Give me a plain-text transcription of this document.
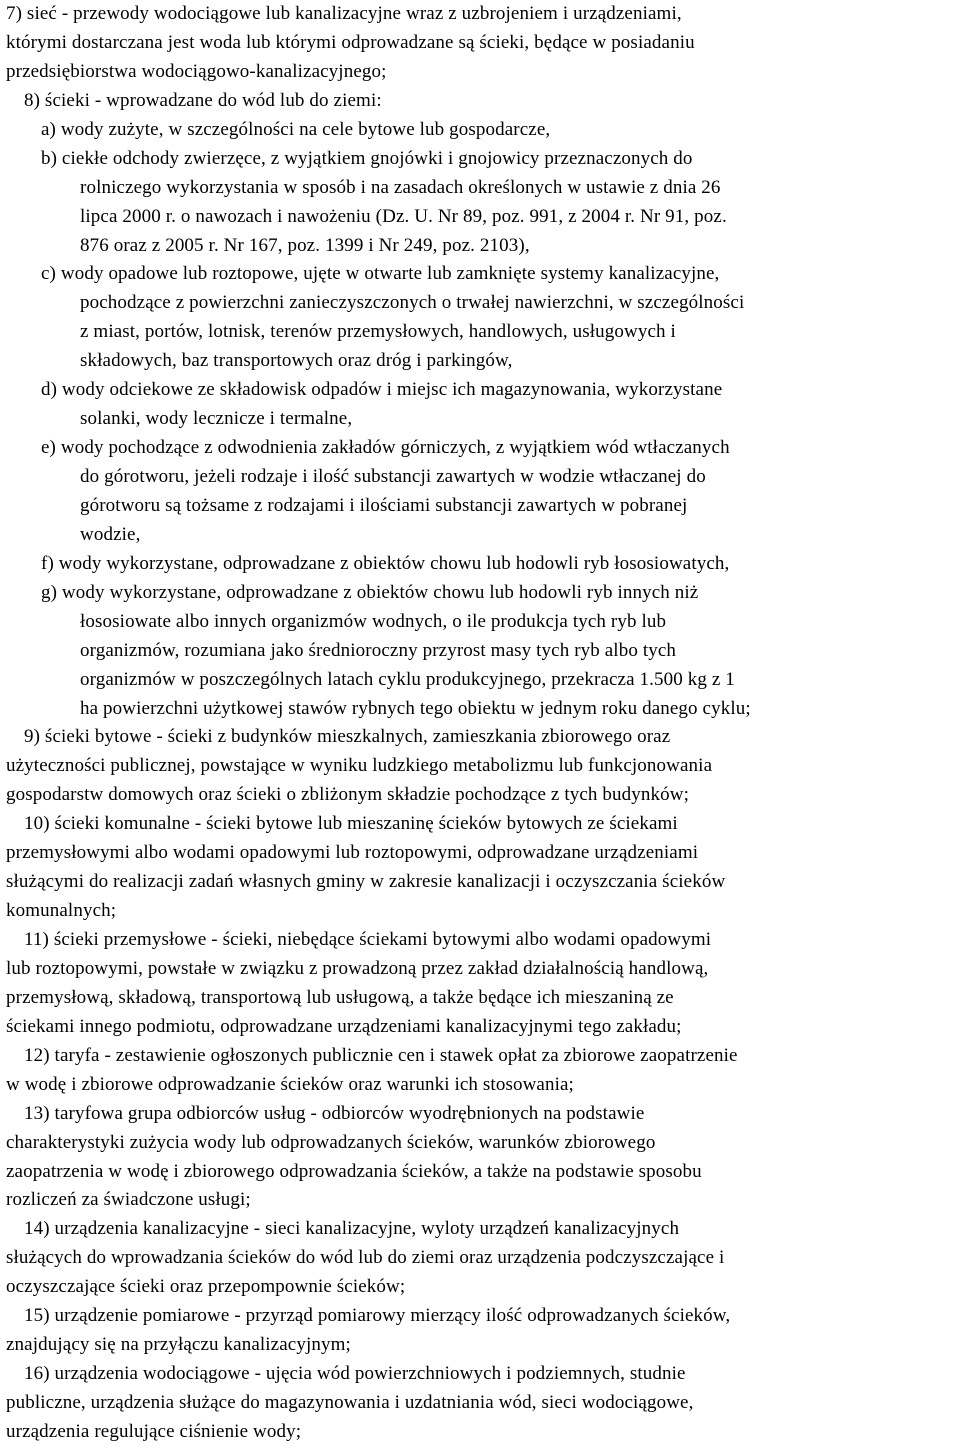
7) sieć - przewody wodociągowe lub kanalizacyjne wraz z uzbrojeniem i urządzeniami,
którymi dostarczana jest woda lub którymi odprowadzane są ścieki, będące w posiadaniu
przedsiębiorstwa wodociągowo-kanalizacyjnego;
8) ścieki - wprowadzane do wód lub do ziemi:
a) wody zużyte, w szczególności na cele bytowe lub gospodarcze,
b) ciekłe odchody zwierzęce, z wyjątkiem gnojówki i gnojowicy przeznaczonych do
rolniczego wykorzystania w sposób i na zasadach określonych w ustawie z dnia 26
lipca 2000 r. o nawozach i nawożeniu (Dz. U. Nr 89, poz. 991, z 2004 r. Nr 91, poz.
876 oraz z 2005 r. Nr 167, poz. 1399 i Nr 249, poz. 2103),
c) wody opadowe lub roztopowe, ujęte w otwarte lub zamknięte systemy kanalizacyjne,
pochodzące z powierzchni zanieczyszczonych o trwałej nawierzchni, w szczególności
z miast, portów, lotnisk, terenów przemysłowych, handlowych, usługowych i
składowych, baz transportowych oraz dróg i parkingów,
d) wody odciekowe ze składowisk odpadów i miejsc ich magazynowania, wykorzystane
solanki, wody lecznicze i termalne,
e) wody pochodzące z odwodnienia zakładów górniczych, z wyjątkiem wód wtłaczanych
do górotworu, jeżeli rodzaje i ilość substancji zawartych w wodzie wtłaczanej do
górotworu są tożsame z rodzajami i ilościami substancji zawartych w pobranej
wodzie,
f) wody wykorzystane, odprowadzane z obiektów chowu lub hodowli ryb łososiowatych,
g) wody wykorzystane, odprowadzane z obiektów chowu lub hodowli ryb innych niż
łososiowate albo innych organizmów wodnych, o ile produkcja tych ryb lub
organizmów, rozumiana jako średnioroczny przyrost masy tych ryb albo tych
organizmów w poszczególnych latach cyklu produkcyjnego, przekracza 1.500 kg z 1
ha powierzchni użytkowej stawów rybnych tego obiektu w jednym roku danego cyklu;
9) ścieki bytowe - ścieki z budynków mieszkalnych, zamieszkania zbiorowego oraz
użyteczności publicznej, powstające w wyniku ludzkiego metabolizmu lub funkcjonowania
gospodarstw domowych oraz ścieki o zbliżonym składzie pochodzące z tych budynków;
10) ścieki komunalne - ścieki bytowe lub mieszaninę ścieków bytowych ze ściekami
przemysłowymi albo wodami opadowymi lub roztopowymi, odprowadzane urządzeniami
służącymi do realizacji zadań własnych gminy w zakresie kanalizacji i oczyszczania ścieków
komunalnych;
11) ścieki przemysłowe - ścieki, niebędące ściekami bytowymi albo wodami opadowymi
lub roztopowymi, powstałe w związku z prowadzoną przez zakład działalnością handlową,
przemysłową, składową, transportową lub usługową, a także będące ich mieszaniną ze
ściekami innego podmiotu, odprowadzane urządzeniami kanalizacyjnymi tego zakładu;
12) taryfa - zestawienie ogłoszonych publicznie cen i stawek opłat za zbiorowe zaopatrzenie
w wodę i zbiorowe odprowadzanie ścieków oraz warunki ich stosowania;
13) taryfowa grupa odbiorców usług - odbiorców wyodrębnionych na podstawie
charakterystyki zużycia wody lub odprowadzanych ścieków, warunków zbiorowego
zaopatrzenia w wodę i zbiorowego odprowadzania ścieków, a także na podstawie sposobu
rozliczeń za świadczone usługi;
14) urządzenia kanalizacyjne - sieci kanalizacyjne, wyloty urządzeń kanalizacyjnych
służących do wprowadzania ścieków do wód lub do ziemi oraz urządzenia podczyszczające i
oczyszczające ścieki oraz przepompownie ścieków;
15) urządzenie pomiarowe - przyrząd pomiarowy mierzący ilość odprowadzanych ścieków,
znajdujący się na przyłączu kanalizacyjnym;
16) urządzenia wodociągowe - ujęcia wód powierzchniowych i podziemnych, studnie
publiczne, urządzenia służące do magazynowania i uzdatniania wód, sieci wodociągowe,
urządzenia regulujące ciśnienie wody;
